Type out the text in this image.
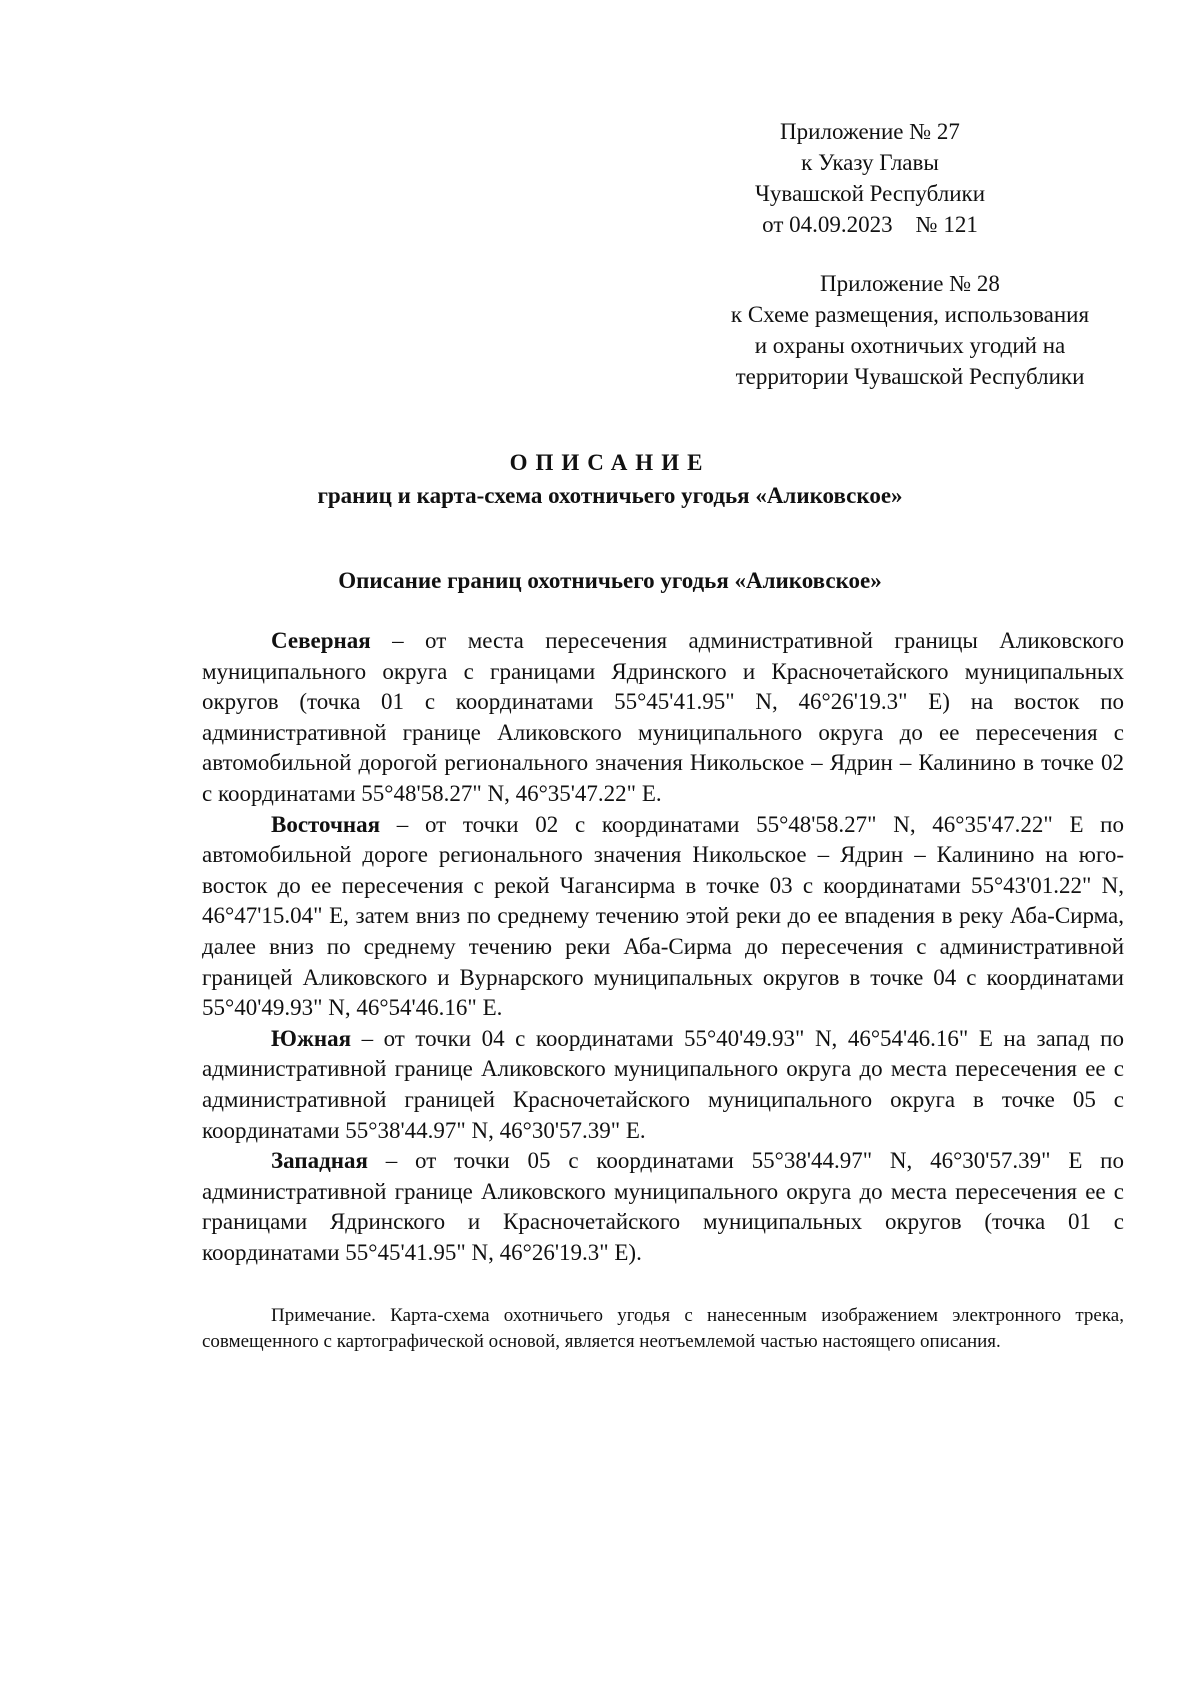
Приложение № 27
к Указу Главы
Чувашской Республики
от 04.09.2023    № 121
Приложение № 28
к Схеме размещения, использования
и охраны охотничьих угодий на
территории Чувашской Республики
ОПИСАНИЕ
границ и карта-схема охотничьего угодья «Аликовское»
Описание границ охотничьего угодья «Аликовское»

Северная – от места пересечения административной границы Аликовского муниципального округа с границами Ядринского и Красночетайского муниципальных округов (точка 01 с координатами 55°45'41.95" N, 46°26'19.3" E) на восток по административной границе Аликовского муниципального округа до ее пересечения с автомобильной дорогой регионального значения Никольское – Ядрин – Калинино в точке 02 с координатами 55°48'58.27" N, 46°35'47.22" E.

Восточная – от точки 02 с координатами 55°48'58.27" N, 46°35'47.22" E по автомобильной дороге регионального значения Никольское – Ядрин – Калинино на юго-восток до ее пересечения с рекой Чагансирма в точке 03 с координатами 55°43'01.22" N, 46°47'15.04" E, затем вниз по среднему течению этой реки до ее впадения в реку Аба-Сирма, далее вниз по среднему течению реки Аба-Сирма до пересечения с административной границей Аликовского и Вурнарского муниципальных округов в точке 04 с координатами 55°40'49.93" N, 46°54'46.16" E.

Южная – от точки 04 с координатами 55°40'49.93" N, 46°54'46.16" E на запад по административной границе Аликовского муниципального округа до места пересечения ее с административной границей Красночетайского муниципального округа в точке 05 с координатами 55°38'44.97" N, 46°30'57.39" E.

Западная – от точки 05 с координатами 55°38'44.97" N, 46°30'57.39" E по административной границе Аликовского муниципального округа до места пересечения ее с границами Ядринского и Красночетайского муниципальных округов (точка 01 с координатами 55°45'41.95" N, 46°26'19.3" E).

Примечание. Карта-схема охотничьего угодья с нанесенным изображением электронного трека, совмещенного с картографической основой, является неотъемлемой частью настоящего описания.
